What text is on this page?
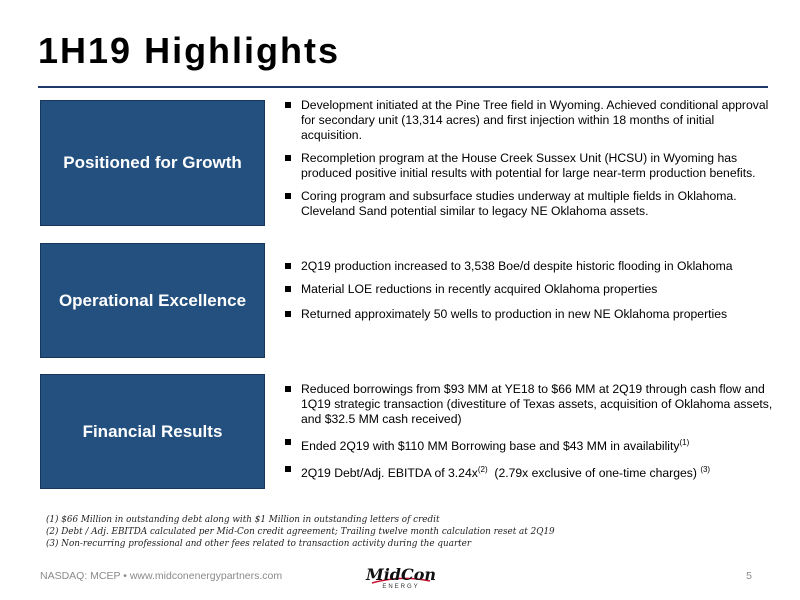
1H19 Highlights
Positioned for Growth
Development initiated at the Pine Tree field in Wyoming. Achieved conditional approval for secondary unit (13,314 acres) and first injection within 18 months of initial acquisition.
Recompletion program at the House Creek Sussex Unit (HCSU) in Wyoming has produced positive initial results with potential for large near-term production benefits.
Coring program and subsurface studies underway at multiple fields in Oklahoma. Cleveland Sand potential similar to legacy NE Oklahoma assets.
Operational Excellence
2Q19 production increased to 3,538 Boe/d despite historic flooding in Oklahoma
Material LOE reductions in recently acquired Oklahoma properties
Returned approximately 50 wells to production in new NE Oklahoma properties
Financial Results
Reduced borrowings from $93 MM at YE18 to $66 MM at 2Q19 through cash flow and 1Q19 strategic transaction (divestiture of Texas assets, acquisition of Oklahoma assets, and $32.5 MM cash received)
Ended 2Q19 with $110 MM Borrowing base and $43 MM in availability$^{(1)}$
2Q19 Debt/Adj. EBITDA of $3.24x^{(2)}$  (2.79x exclusive of one-time charges) $^{(3)}$
(1) $66 Million in outstanding debt along with $1 Million in outstanding letters of credit
(2) Debt / Adj. EBITDA calculated per Mid-Con credit agreement; Trailing twelve month calculation reset at 2Q19
(3) Non-recurring professional and other fees related to transaction activity during the quarter
NASDAQ: MCEP • www.midconenergypartners.com	MidCon
ENERGY
5
